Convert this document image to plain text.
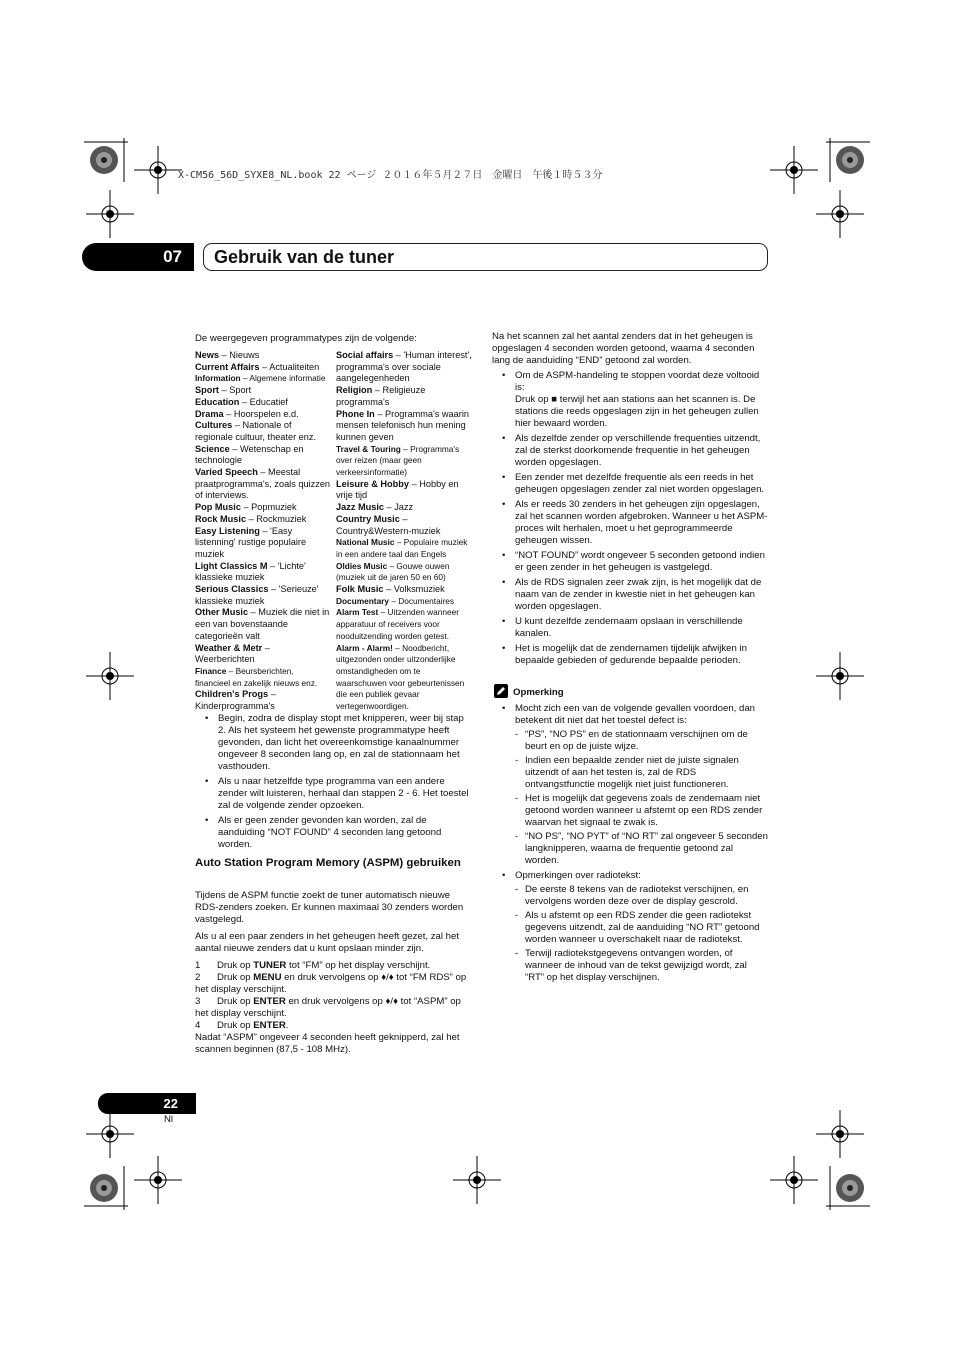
X-CM56_56D_SYXE8_NL.book 22 ページ ２０１６年５月２７日　金曜日　午後１時５３分
07	Gebruik van de tuner
De weergegeven programmatypes zijn de volgende:

News – Nieuws

Current Affairs – Actualiteiten

Information – Algemene informatie

Sport – Sport

Education – Educatief

Drama – Hoorspelen e.d.

Cultures – Nationale of regionale cultuur, theater enz.

Science – Wetenschap en technologie

Varied Speech – Meestal praatprogramma's, zoals quizzen of interviews.

Pop Music – Popmuziek

Rock Music – Rockmuziek

Easy Listening – 'Easy listenning' rustige populaire muziek

Light Classics M – 'Lichte' klassieke muziek

Serious Classics – 'Serieuze' klassieke muziek

Other Music – Muziek die niet in een van bovenstaande categorieën valt

Weather & Metr – Weerberichten

Finance – Beursberichten, financieel en zakelijk nieuws enz.

Children's Progs – Kinderprogramma's

Social affairs – 'Human interest', programma's over sociale aangelegenheden

Religion – Religieuze programma's

Phone In – Programma's waarin mensen telefonisch hun mening kunnen geven

Travel & Touring – Programma's over reizen (maar geen verkeersinformatie)

Leisure & Hobby – Hobby en vrije tijd

Jazz Music – Jazz

Country Music – Country&Western-muziek

National Music – Populaire muziek in een andere taal dan Engels

Oldies Music – Gouwe ouwen (muziek uit de jaren 50 en 60)

Folk Music – Volksmuziek

Documentary – Documentaires

Alarm Test – Uitzenden wanneer apparatuur of receivers voor nooduitzending worden getest.

Alarm - Alarm! – Noodbericht, uitgezonden onder uitzonderlijke omstandigheden om te waarschuwen voor gebeurtenissen die een publiek gevaar vertegenwoordigen.

• Begin, zodra de display stopt met knipperen, weer bij stap 2. Als het systeem het gewenste programmatype heeft gevonden, dan licht het overeenkomstige kanaalnummer ongeveer 8 seconden lang op, en zal de stationnaam het vasthouden.
• Als u naar hetzelfde type programma van een andere zender wilt luisteren, herhaal dan stappen 2 - 6. Het toestel zal de volgende zender opzoeken.
• Als er geen zender gevonden kan worden, zal de aanduiding “NOT FOUND” 4 seconden lang getoond worden.
Auto Station Program Memory (ASPM) gebruiken

Tijdens de ASPM functie zoekt de tuner automatisch nieuwe RDS-zenders zoeken. Er kunnen maximaal 30 zenders worden vastgelegd.

Als u al een paar zenders in het geheugen heeft gezet, zal het aantal nieuwe zenders dat u kunt opslaan minder zijn.

1 Druk op TUNER tot “FM” op het display verschijnt.
2 Druk op MENU en druk vervolgens op ♦/♦ tot “FM RDS” op het display verschijnt.
3 Druk op ENTER en druk vervolgens op ♦/♦ tot “ASPM” op het display verschijnt.
4 Druk op ENTER.

Nadat “ASPM” ongeveer 4 seconden heeft geknipperd, zal het scannen beginnen (87,5 - 108 MHz).

Na het scannen zal het aantal zenders dat in het geheugen is opgeslagen 4 seconden worden getoond, waarna 4 seconden lang de aanduiding “END” getoond zal worden.
• Om de ASPM-handeling te stoppen voordat deze voltooid is:
Druk op ■ terwijl het aan stations aan het scannen is. De stations die reeds opgeslagen zijn in het geheugen zullen hier bewaard worden.
• Als dezelfde zender op verschillende frequenties uitzendt, zal de sterkst doorkomende frequentie in het geheugen worden opgeslagen.
• Een zender met dezelfde frequentie als een reeds in het geheugen opgeslagen zender zal niet worden opgeslagen.
• Als er reeds 30 zenders in het geheugen zijn opgeslagen, zal het scannen worden afgebroken. Wanneer u het ASPM-proces wilt herhalen, moet u het geprogrammeerde geheugen wissen.
• “NOT FOUND” wordt ongeveer 5 seconden getoond indien er geen zender in het geheugen is vastgelegd.
• Als de RDS signalen zeer zwak zijn, is het mogelijk dat de naam van de zender in kwestie niet in het geheugen kan worden opgeslagen.
• U kunt dezelfde zendernaam opslaan in verschillende kanalen.
• Het is mogelijk dat de zendernamen tijdelijk afwijken in bepaalde gebieden of gedurende bepaalde perioden.
Opmerking
• Mocht zich een van de volgende gevallen voordoen, dan betekent dit niet dat het toestel defect is:
- “PS”, “NO PS” en de stationnaam verschijnen om de beurt en op de juiste wijze.
- Indien een bepaalde zender niet de juiste signalen uitzendt of aan het testen is, zal de RDS ontvangstfunctie mogelijk niet juist functioneren.
- Het is mogelijk dat gegevens zoals de zendernaam niet getoond worden wanneer u afstemt op een RDS zender waarvan het signaal te zwak is.
- “NO PS”, “NO PYT” of “NO RT” zal ongeveer 5 seconden langknipperen, waarna de frequentie getoond zal worden.
• Opmerkingen over radiotekst:
- De eerste 8 tekens van de radiotekst verschijnen, en vervolgens worden deze over de display gescrold.
- Als u afstemt op een RDS zender die geen radiotekst gegevens uitzendt, zal de aanduiding “NO RT” getoond worden wanneer u overschakelt naar de radiotekst.
- Terwijl radiotekstgegevens ontvangen worden, of wanneer de inhoud van de tekst gewijzigd wordt, zal “RT” op het display verschijnen.
22
Nl
